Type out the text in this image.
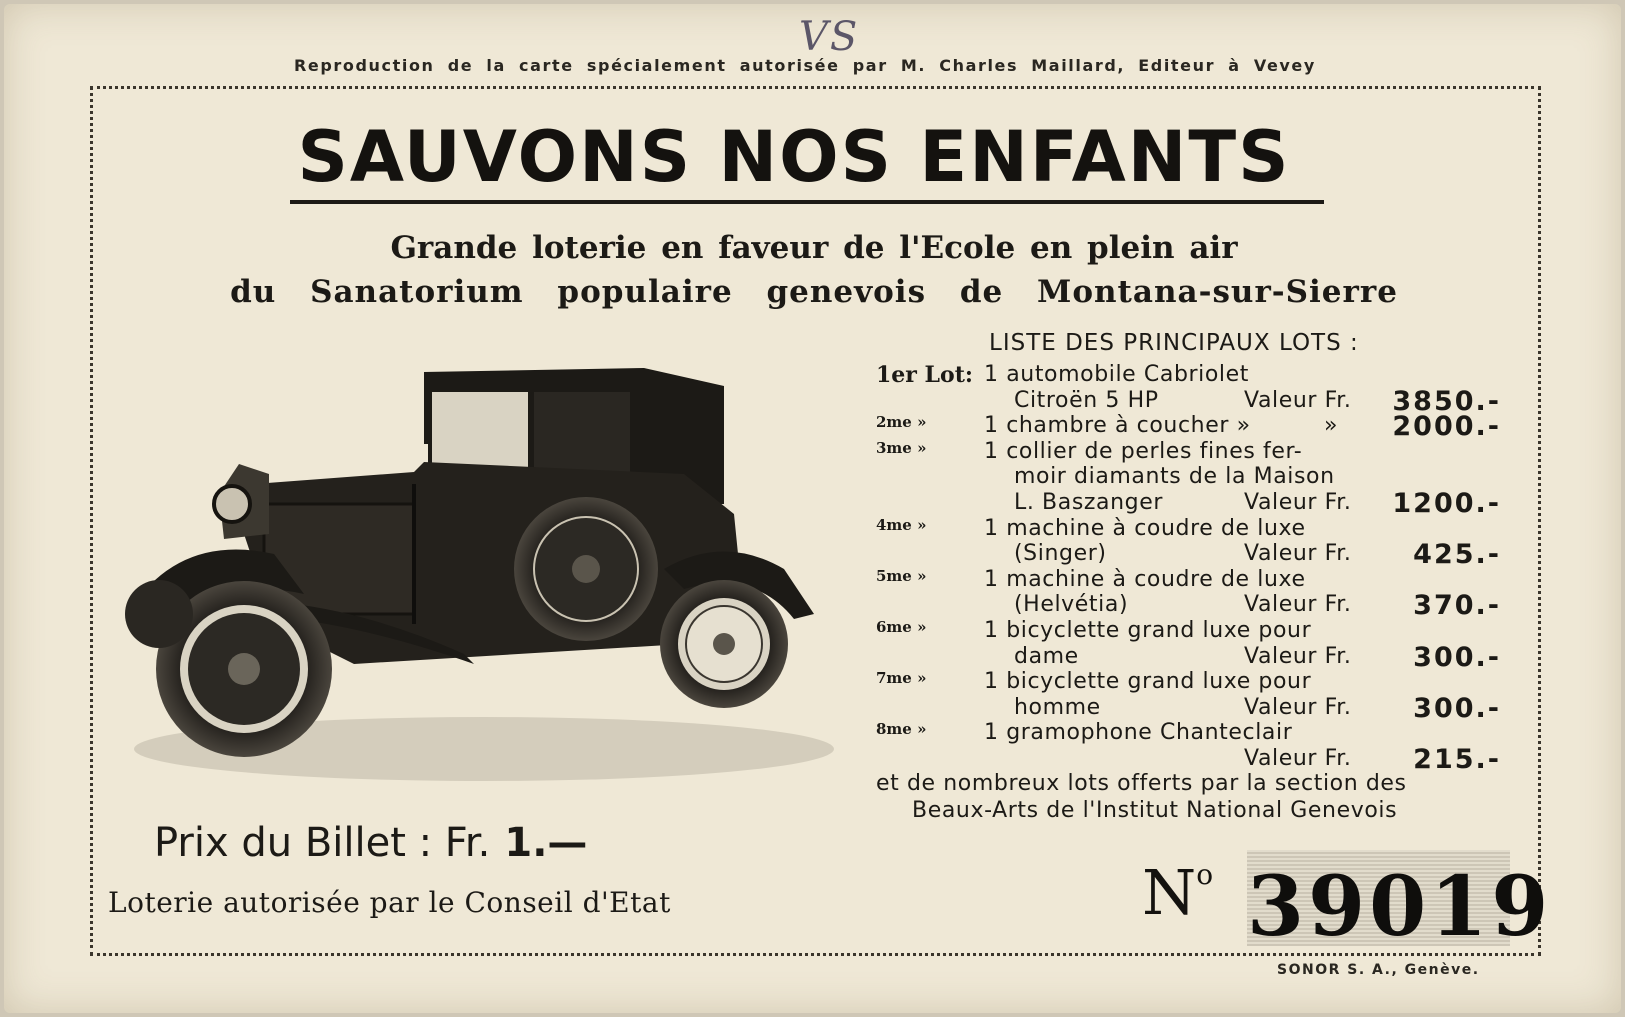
VS
Reproduction de la carte spécialement autorisée par M. Charles Maillard, Editeur à Vevey
SAUVONS NOS ENFANTS
Grande loterie en faveur de l'Ecole en plein air
du Sanatorium populaire genevois de Montana-sur-Sierre
LISTE DES PRINCIPAUX LOTS :
1er Lot: 1 automobile Cabriolet
Citroën 5 HP	Valeur Fr. 3850.-
2me »	1 chambre à coucher »	» 2000.-
3me »	1 collier de perles fines fer-
moir diamants de la Maison
L. Baszanger	Valeur Fr. 1200.-
4me »	1 machine à coudre de luxe
(Singer)	Valeur Fr. 425.-
5me »	1 machine à coudre de luxe
(Helvétia)	Valeur Fr. 370.-
6me »	1 bicyclette grand luxe pour
dame	Valeur Fr. 300.-
7me »	1 bicyclette grand luxe pour
homme	Valeur Fr. 300.-
8me »	1 gramophone Chanteclair
Valeur Fr. 215.-
et de nombreux lots offerts par la section des
Beaux-Arts de l'Institut National Genevois
Prix du Billet : Fr. 1.—
Loterie autorisée par le Conseil d'Etat	$N^o$ 39019
SONOR S. A., Genève.
